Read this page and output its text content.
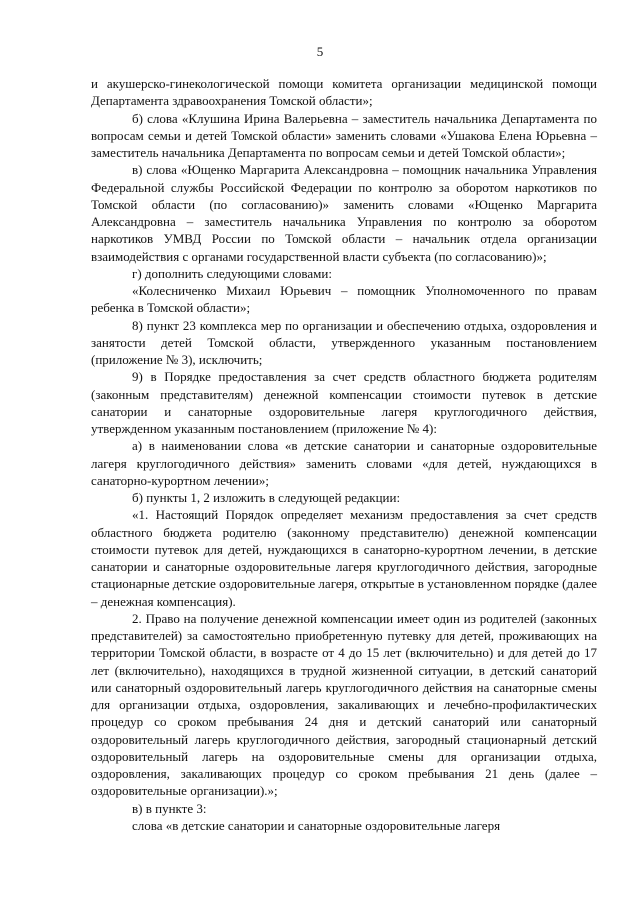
5

и акушерско-гинекологической помощи комитета организации медицинской помощи Департамента здравоохранения Томской области»;

б) слова «Клушина Ирина Валерьевна – заместитель начальника Департамента по вопросам семьи и детей Томской области» заменить словами «Ушакова Елена Юрьевна – заместитель начальника Департамента по вопросам семьи и детей Томской области»;

в) слова «Ющенко Маргарита Александровна – помощник начальника Управления Федеральной службы Российской Федерации по контролю за оборотом наркотиков по Томской области (по согласованию)» заменить словами «Ющенко Маргарита Александровна – заместитель начальника Управления по контролю за оборотом наркотиков УМВД России по Томской области – начальник отдела организации взаимодействия с органами государственной власти субъекта (по согласованию)»;

г) дополнить следующими словами:

«Колесниченко Михаил Юрьевич – помощник Уполномоченного по правам ребенка в Томской области»;

8) пункт 23 комплекса мер по организации и обеспечению отдыха, оздоровления и занятости детей Томской области, утвержденного указанным постановлением (приложение № 3), исключить;

9) в Порядке предоставления за счет средств областного бюджета родителям (законным представителям) денежной компенсации стоимости путевок в детские санатории и санаторные оздоровительные лагеря круглогодичного действия, утвержденном указанным постановлением (приложение № 4):

а) в наименовании слова «в детские санатории и санаторные оздоровительные лагеря круглогодичного действия» заменить словами «для детей, нуждающихся в санаторно-курортном лечении»;

б) пункты 1, 2 изложить в следующей редакции:

«1. Настоящий Порядок определяет механизм предоставления за счет средств областного бюджета родителю (законному представителю) денежной компенсации стоимости путевок для детей, нуждающихся в санаторно-курортном лечении, в детские санатории и санаторные оздоровительные лагеря круглогодичного действия, загородные стационарные детские оздоровительные лагеря, открытые в установленном порядке (далее – денежная компенсация).

2. Право на получение денежной компенсации имеет один из родителей (законных представителей) за самостоятельно приобретенную путевку для детей, проживающих на территории Томской области, в возрасте от 4 до 15 лет (включительно) и для детей до 17 лет (включительно), находящихся в трудной жизненной ситуации, в детский санаторий или санаторный оздоровительный лагерь круглогодичного действия на санаторные смены для организации отдыха, оздоровления, закаливающих и лечебно-профилактических процедур со сроком пребывания 24 дня и детский санаторий или санаторный оздоровительный лагерь круглогодичного действия, загородный стационарный детский оздоровительный лагерь на оздоровительные смены для организации отдыха, оздоровления, закаливающих процедур со сроком пребывания 21 день (далее – оздоровительные организации).»;

в) в пункте 3:

слова «в детские санатории и санаторные оздоровительные лагеря
